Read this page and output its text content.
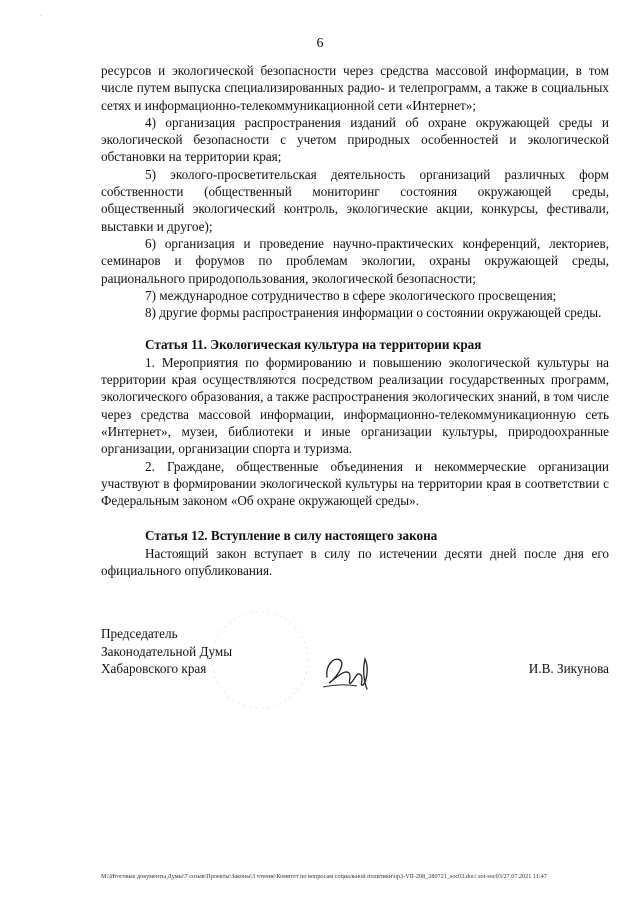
.
6

ресурсов и экологической безопасности через средства массовой информации, в том числе путем выпуска специализированных радио- и телепрограмм, а также в социальных сетях и информационно-телекоммуникационной сети «Интернет»;

4) организация распространения изданий об охране окружающей среды и экологической безопасности с учетом природных особенностей и экологической обстановки на территории края;

5) эколого-просветительская деятельность организаций различных форм собственности (общественный мониторинг состояния окружающей среды, общественный экологический контроль, экологические акции, конкурсы, фестивали, выставки и другое);

6) организация и проведение научно-практических конференций, лекториев, семинаров и форумов по проблемам экологии, охраны окружающей среды, рационального природопользования, экологической безопасности;

7) международное сотрудничество в сфере экологического просвещения;

8) другие формы распространения информации о состоянии окружающей среды.

Статья 11. Экологическая культура на территории края

1. Мероприятия по формированию и повышению экологической культуры на территории края осуществляются посредством реализации государственных программ, экологического образования, а также распространения экологических знаний, в том числе через средства массовой информации, информационно-телекоммуникационную сеть «Интернет», музеи, библиотеки и иные организации культуры, природоохранные организации, организации спорта и туризма.

2. Граждане, общественные объединения и некоммерческие организации участвуют в формировании экологической культуры на территории края в соответствии с Федеральным законом «Об охране окружающей среды».

Статья 12. Вступление в силу настоящего закона

Настоящий закон вступает в силу по истечении десяти дней после дня его официального опубликования.

Председатель
Законодательной Думы
Хабаровского края	И.В. Зикунова
M:\Итоговые документы Думы\7 созыв\Проекты\Законы\3 чтение\Комитет по вопросам социальной политики\ор3-VII-208_280721_soc03.doc/ sot-soc03/27.07.2021 11:47
